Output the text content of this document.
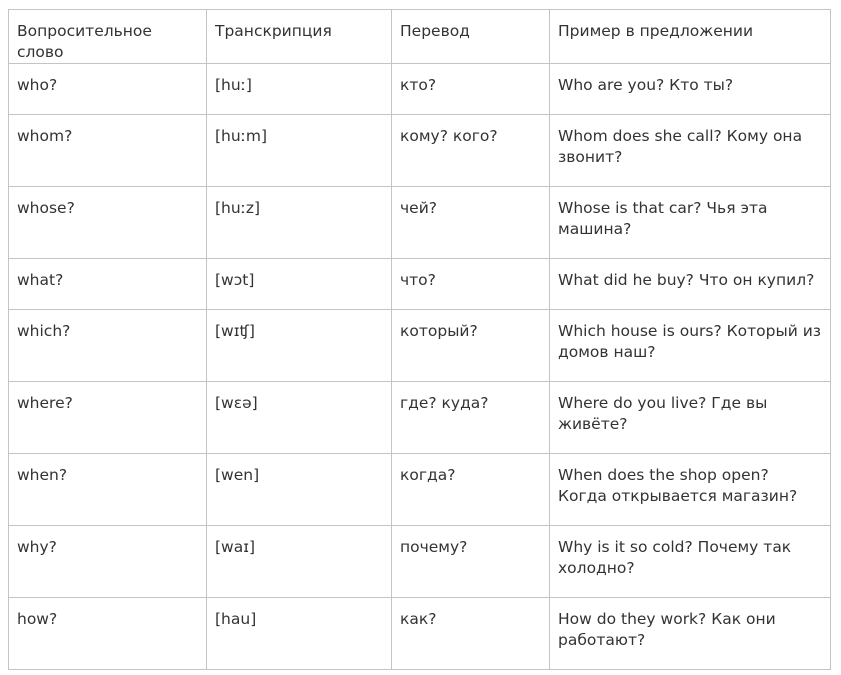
Вопросительное слово	Транскрипция	Перевод	Пример в предложении
who?	[huː]	кто?	Who are you? Кто ты?
whom?	[huːm]	кому? кого?	Whom does she call? Кому она звонит?
whose?	[huːz]	чей?	Whose is that car? Чья эта машина?
what?	[wɔt]	что?	What did he buy? Что он купил?
which?	[wɪʧ]	который?	Which house is ours? Который из домов наш?
where?	[wɛə]	где? куда?	Where do you live? Где вы живёте?
when?	[wen]	когда?	When does the shop open? Когда открывается магазин?
why?	[waɪ]	почему?	Why is it so cold? Почему так холодно?
how?	[hau]	как?	How do they work? Как они работают?
